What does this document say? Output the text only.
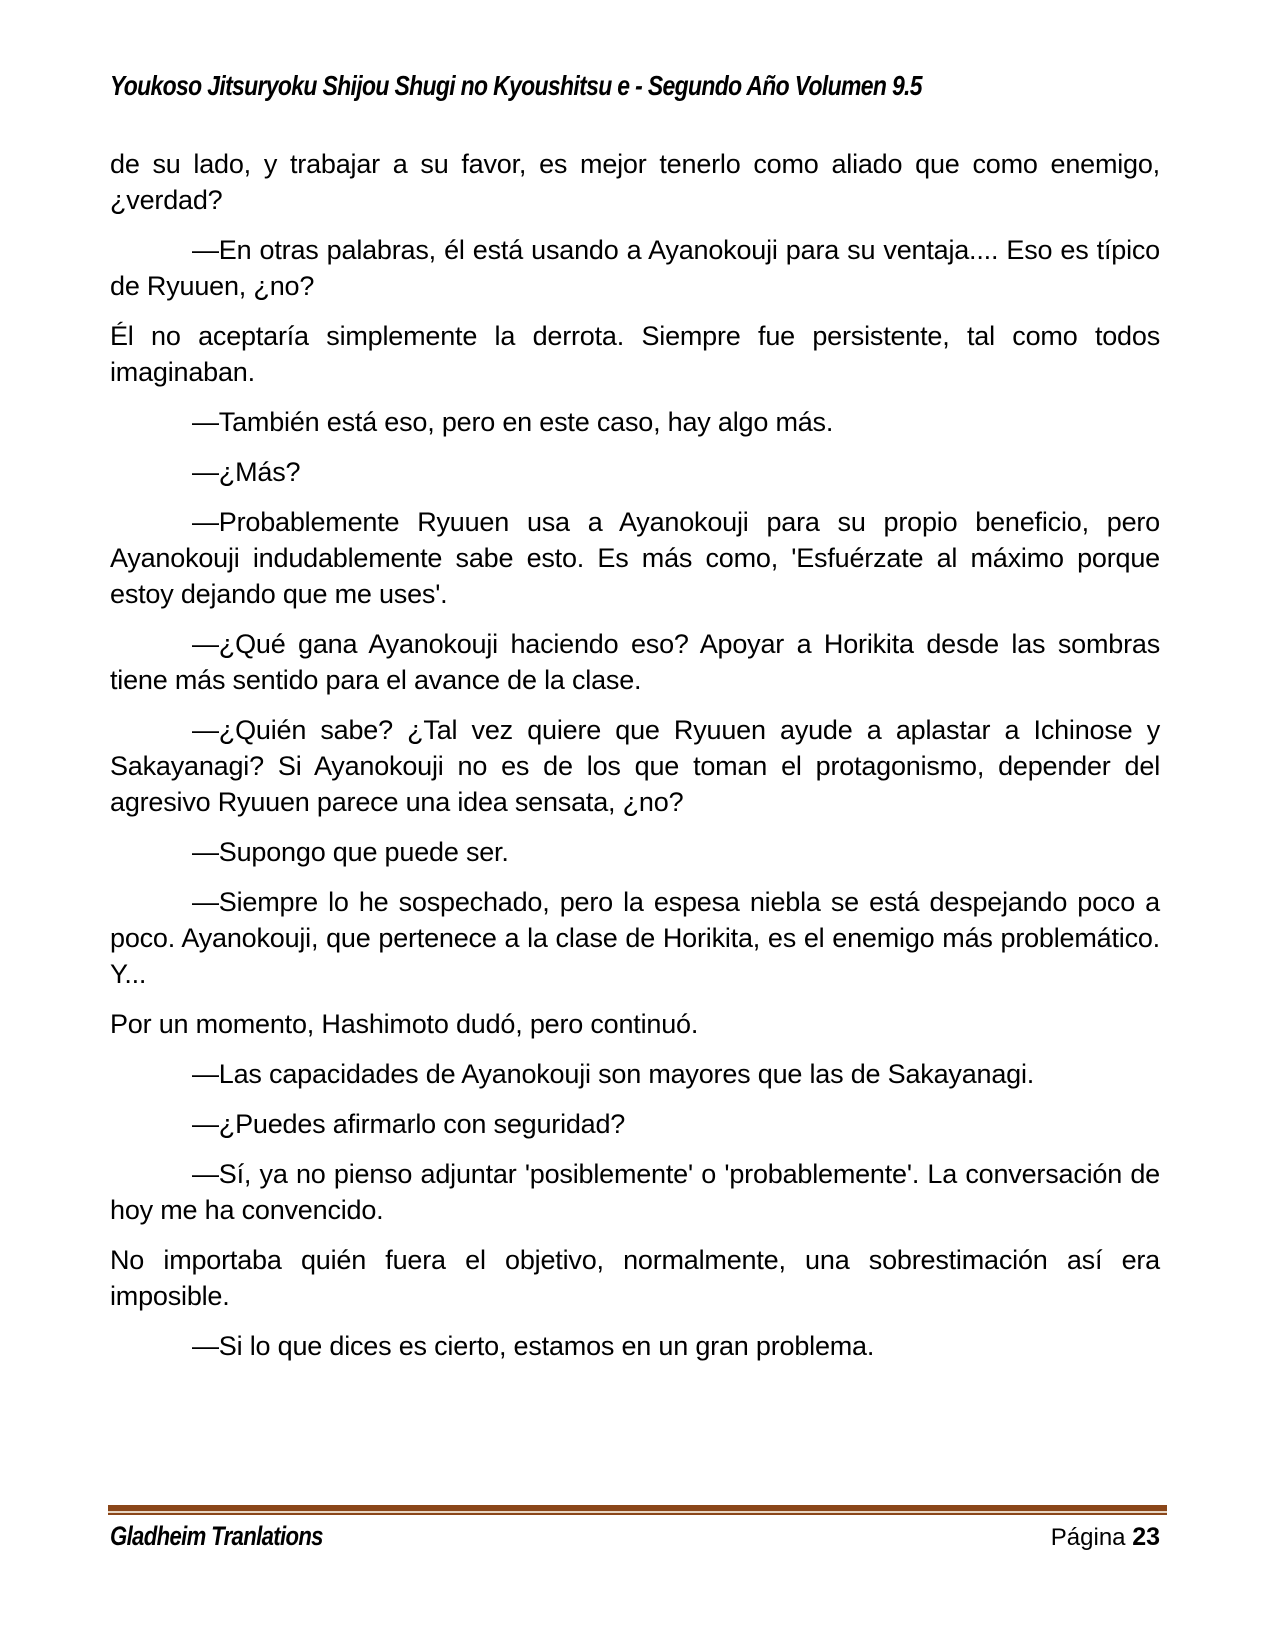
Youkoso Jitsuryoku Shijou Shugi no Kyoushitsu e - Segundo Año Volumen 9.5

de su lado, y trabajar a su favor, es mejor tenerlo como aliado que como enemigo, ¿verdad?

—En otras palabras, él está usando a Ayanokouji para su ventaja.... Eso es típico de Ryuuen, ¿no?

Él no aceptaría simplemente la derrota. Siempre fue persistente, tal como todos imaginaban.

—También está eso, pero en este caso, hay algo más.

—¿Más?

—Probablemente Ryuuen usa a Ayanokouji para su propio beneficio, pero Ayanokouji indudablemente sabe esto. Es más como, 'Esfuérzate al máximo porque estoy dejando que me uses'.

—¿Qué gana Ayanokouji haciendo eso? Apoyar a Horikita desde las sombras tiene más sentido para el avance de la clase.

—¿Quién sabe? ¿Tal vez quiere que Ryuuen ayude a aplastar a Ichinose y Sakayanagi? Si Ayanokouji no es de los que toman el protagonismo, depender del agresivo Ryuuen parece una idea sensata, ¿no?

—Supongo que puede ser.

—Siempre lo he sospechado, pero la espesa niebla se está despejando poco a poco. Ayanokouji, que pertenece a la clase de Horikita, es el enemigo más problemático. Y...

Por un momento, Hashimoto dudó, pero continuó.

—Las capacidades de Ayanokouji son mayores que las de Sakayanagi.

—¿Puedes afirmarlo con seguridad?

—Sí, ya no pienso adjuntar 'posiblemente' o 'probablemente'. La conversación de hoy me ha convencido.

No importaba quién fuera el objetivo, normalmente, una sobrestimación así era imposible.

—Si lo que dices es cierto, estamos en un gran problema.

Gladheim Tranlations	Página 23
